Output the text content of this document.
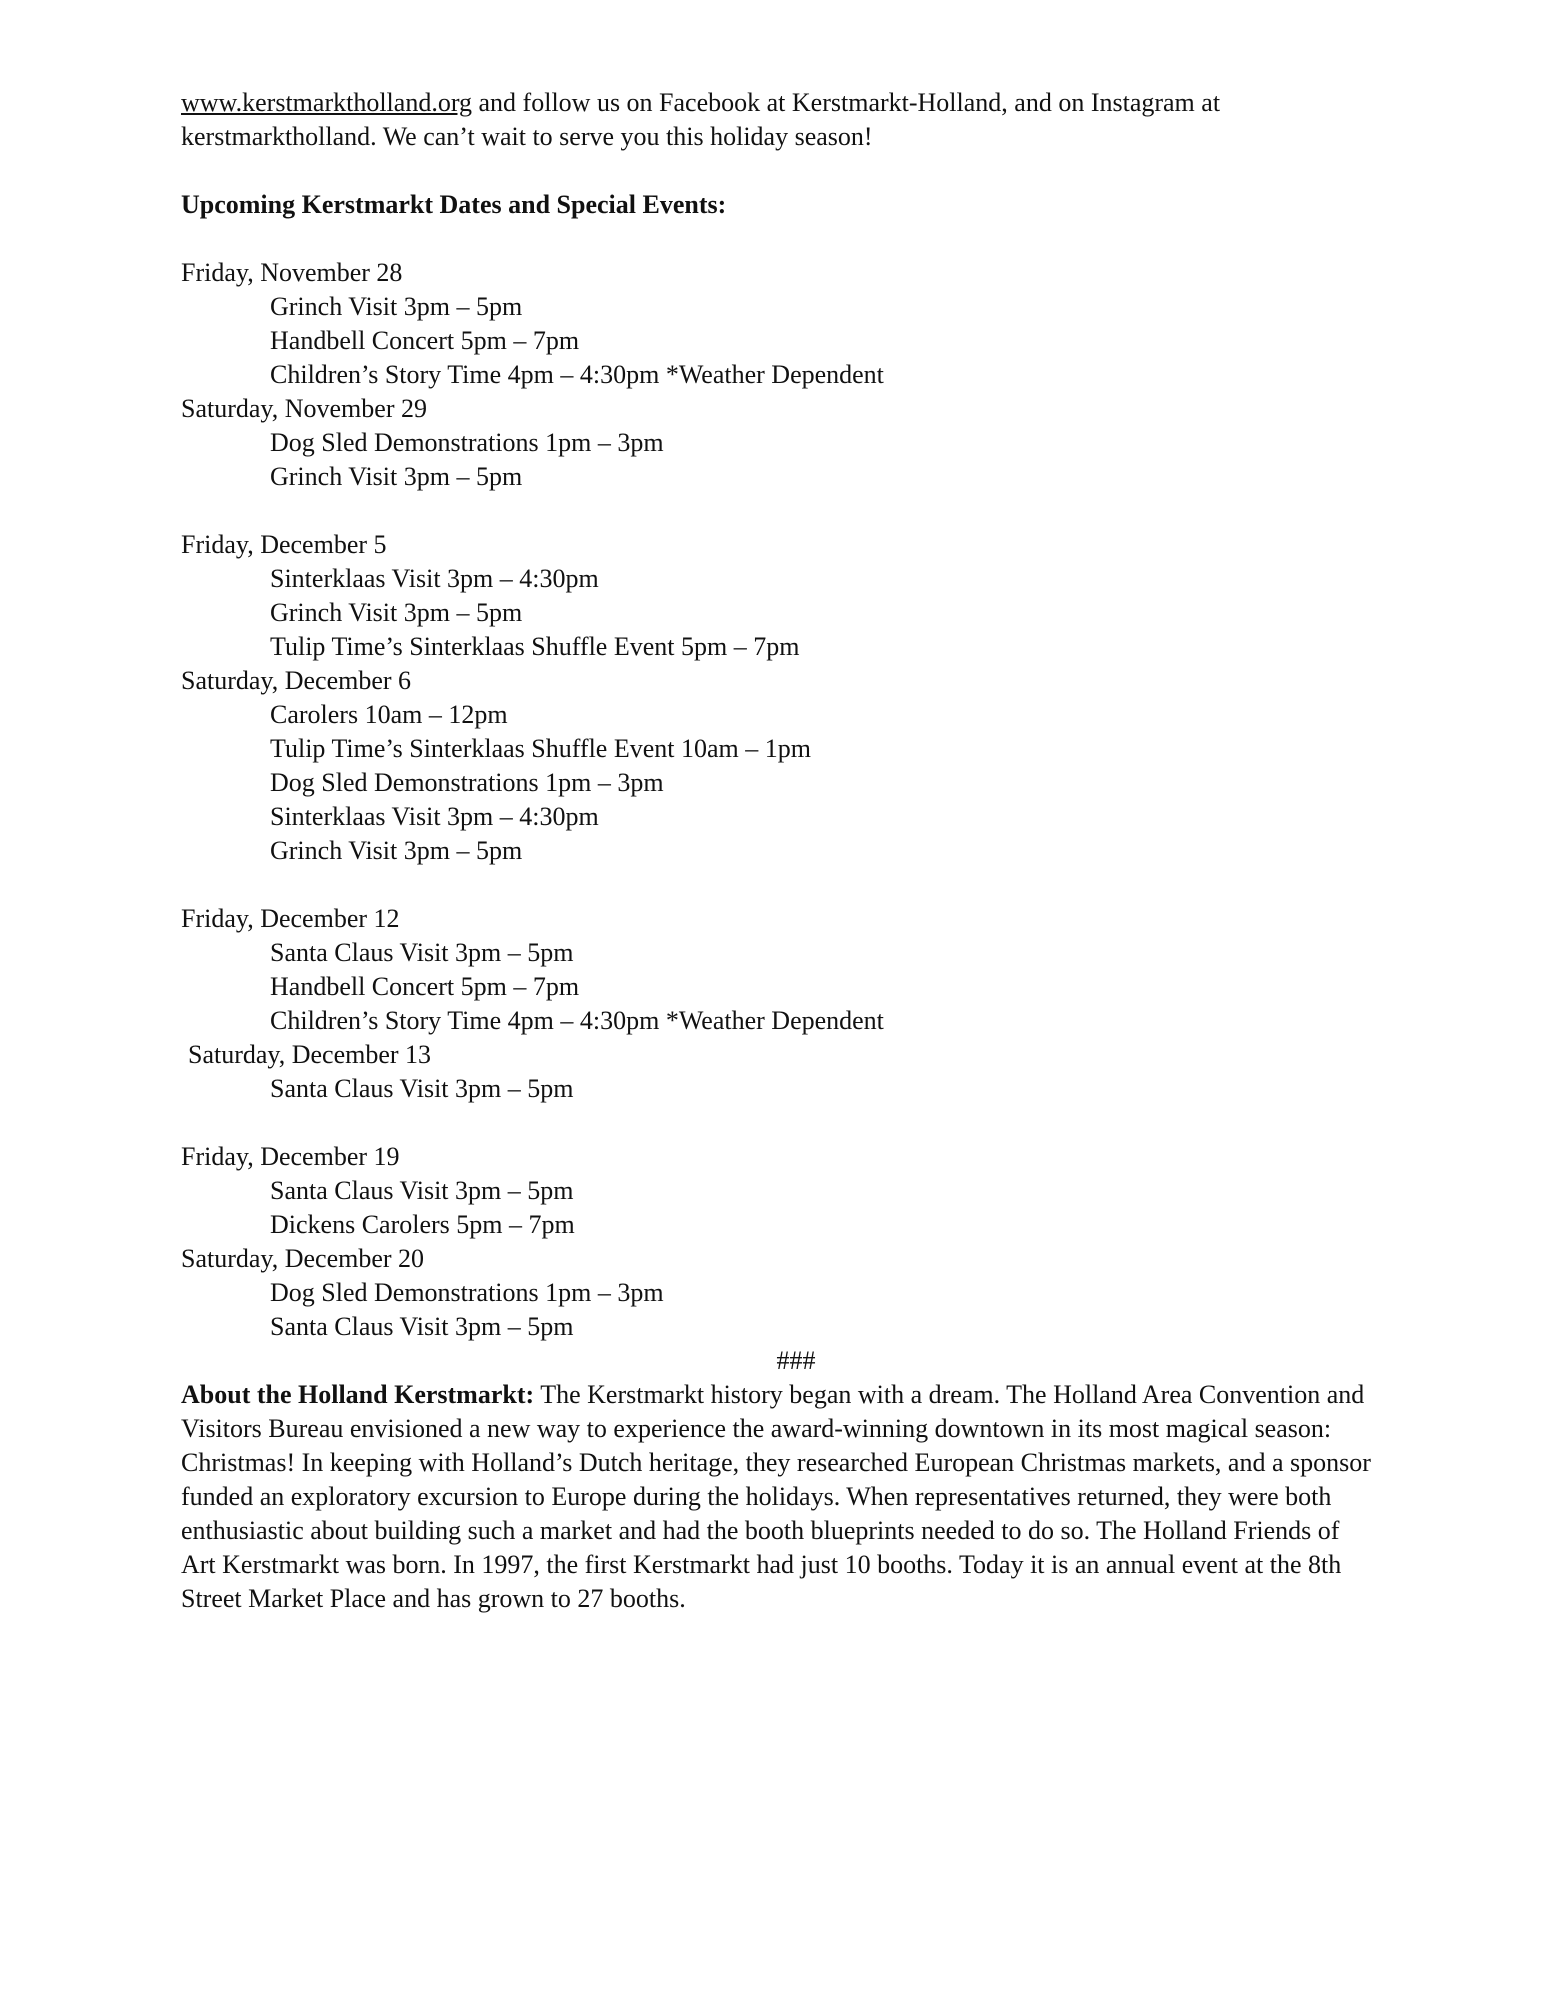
www.kerstmarktholland.org and follow us on Facebook at Kerstmarkt-Holland, and on Instagram at
kerstmarktholland. We can’t wait to serve you this holiday season!
Upcoming Kerstmarkt Dates and Special Events:
Friday, November 28
Grinch Visit 3pm – 5pm
Handbell Concert 5pm – 7pm
Children’s Story Time 4pm – 4:30pm *Weather Dependent
Saturday, November 29
Dog Sled Demonstrations 1pm – 3pm
Grinch Visit 3pm – 5pm
Friday, December 5
Sinterklaas Visit 3pm – 4:30pm
Grinch Visit 3pm – 5pm
Tulip Time’s Sinterklaas Shuffle Event 5pm – 7pm
Saturday, December 6
Carolers 10am – 12pm
Tulip Time’s Sinterklaas Shuffle Event 10am – 1pm
Dog Sled Demonstrations 1pm – 3pm
Sinterklaas Visit 3pm – 4:30pm
Grinch Visit 3pm – 5pm
Friday, December 12
Santa Claus Visit 3pm – 5pm
Handbell Concert 5pm – 7pm
Children’s Story Time 4pm – 4:30pm *Weather Dependent
Saturday, December 13
Santa Claus Visit 3pm – 5pm
Friday, December 19
Santa Claus Visit 3pm – 5pm
Dickens Carolers 5pm – 7pm
Saturday, December 20
Dog Sled Demonstrations 1pm – 3pm
Santa Claus Visit 3pm – 5pm
###

About the Holland Kerstmarkt: The Kerstmarkt history began with a dream. The Holland Area Convention and Visitors Bureau envisioned a new way to experience the award-winning downtown in its most magical season: Christmas! In keeping with Holland’s Dutch heritage, they researched European Christmas markets, and a sponsor funded an exploratory excursion to Europe during the holidays. When representatives returned, they were both enthusiastic about building such a market and had the booth blueprints needed to do so. The Holland Friends of Art Kerstmarkt was born. In 1997, the first Kerstmarkt had just 10 booths. Today it is an annual event at the 8th Street Market Place and has grown to 27 booths.
